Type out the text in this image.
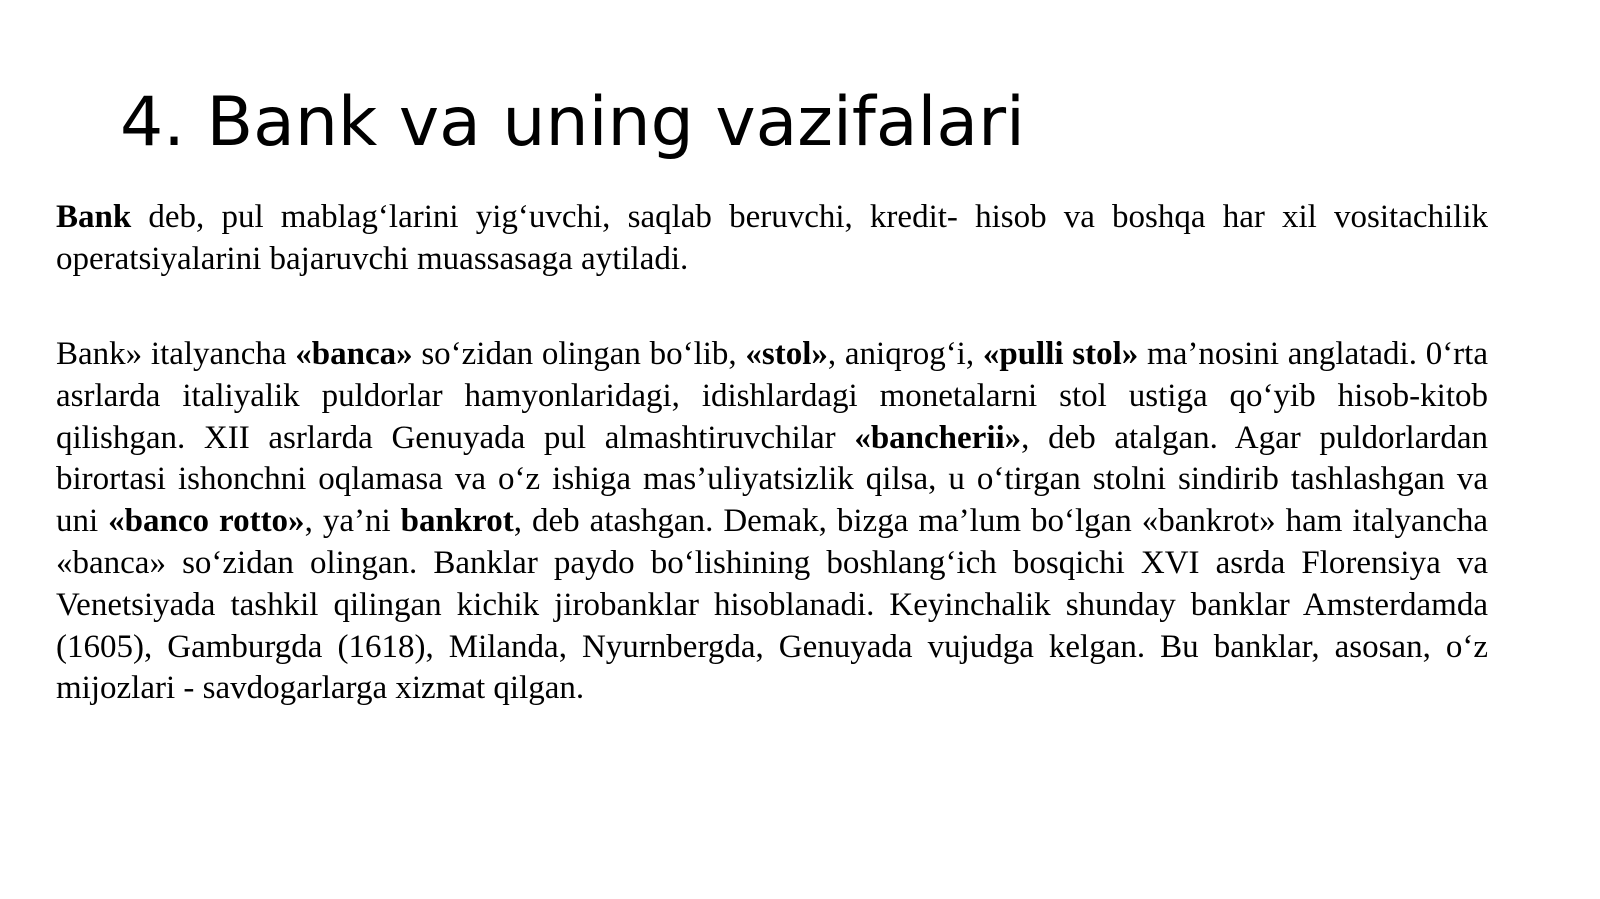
4. Bank va uning vazifalari

Bank deb, pul mablag‘larini yig‘uvchi, saqlab beruvchi, kredit- hisob va boshqa har xil vositachilik operatsiyalarini bajaruvchi muassasaga aytiladi.

Bank» italyancha «banca» so‘zidan olingan bo‘lib, «stol», aniqrog‘i, «pulli stol» ma’nosini anglatadi. 0‘rta asrlarda italiyalik puldorlar hamyonlaridagi, idishlardagi monetalarni stol ustiga qo‘yib hisob-kitob qilishgan. XII asrlarda Genuyada pul almashtiruvchilar «bancherii», deb atalgan. Agar puldorlardan birortasi ishonchni oqlamasa va o‘z ishiga mas’uliyatsizlik qilsa, u o‘tirgan stolni sindirib tashlashgan va uni «banco rotto», ya’ni bankrot, deb atashgan. Demak, bizga ma’lum bo‘lgan «bankrot» ham italyancha «banca» so‘zidan olingan. Banklar paydo bo‘lishining boshlang‘ich bosqichi XVI asrda Florensiya va Venetsiyada tashkil qilingan kichik jirobanklar hisoblanadi. Keyinchalik shunday banklar Amsterdamda (1605), Gamburgda (1618), Milanda, Nyurnbergda, Genuyada vujudga kelgan. Bu banklar, asosan, o‘z mijozlari - savdogarlarga xizmat qilgan.
